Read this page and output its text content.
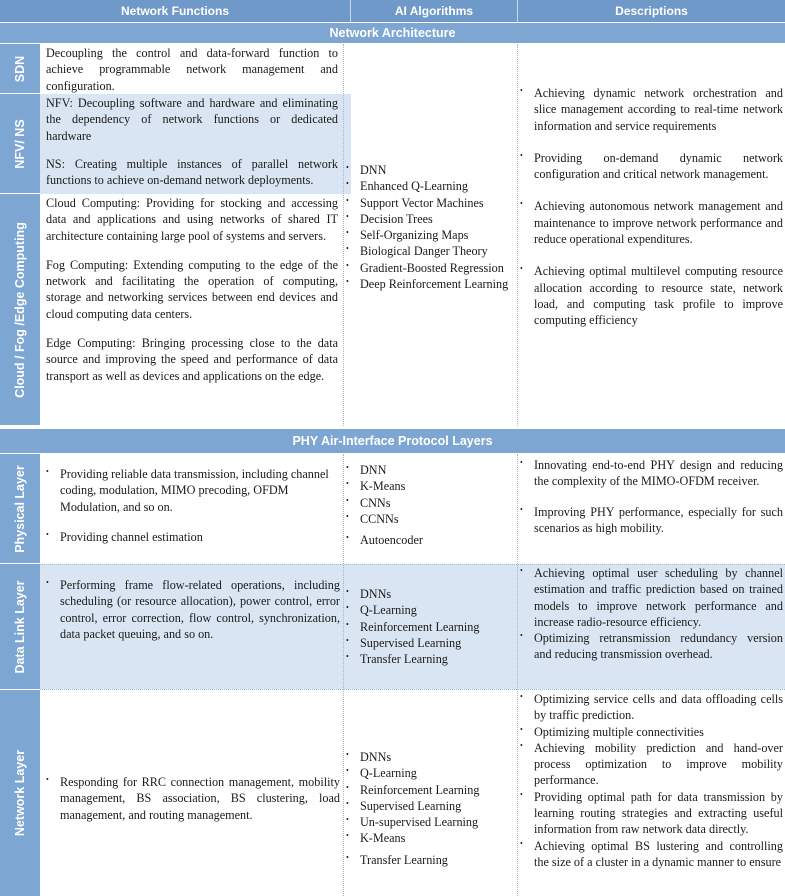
Network Functions	AI Algorithms	Descriptions
Network Architecture
SDN
NFV/ NS
Cloud / Fog /Edge Computing

Decoupling the control and data-forward function to achieve programmable network management and configuration.

NFV: Decoupling software and hardware and eliminating the dependency of network functions or dedicated hardware

NS: Creating multiple instances of parallel network functions to achieve on-demand network deployments.

Cloud Computing: Providing for stocking and accessing data and applications and using networks of shared IT architecture containing large pool of systems and servers.

Fog Computing: Extending computing to the edge of the network and facilitating the operation of computing, storage and networking services between end devices and cloud computing data centers.

Edge Computing: Bringing processing close to the data source and improving the speed and performance of data transport as well as devices and applications on the edge.

• DNN
• Enhanced Q-Learning
• Support Vector Machines
• Decision Trees
• Self-Organizing Maps
• Biological Danger Theory
• Gradient-Boosted Regression
• Deep Reinforcement Learning
• Achieving dynamic network orchestration and slice management according to real-time network information and service requirements
• Providing on-demand dynamic network configuration and critical network management.
• Achieving autonomous network management and maintenance to improve network performance and reduce operational expenditures.
• Achieving optimal multilevel computing resource allocation according to resource state, network load, and computing task profile to improve computing efficiency
PHY Air-Interface Protocol Layers
Physical Layer
Data Link Layer
Network Layer
• Providing reliable data transmission, including channel coding, modulation, MIMO precoding, OFDM Modulation, and so on.
• Providing channel estimation
• DNN
• K-Means
• CNNs
• CCNNs
• Autoencoder
• Innovating end-to-end PHY design and reducing the complexity of the MIMO-OFDM receiver.
• Improving PHY performance, especially for such scenarios as high mobility.
• Performing frame flow-related operations, including scheduling (or resource allocation), power control, error control, error correction, flow control, synchronization, data packet queuing, and so on.
• DNNs
• Q-Learning
• Reinforcement Learning
• Supervised Learning
• Transfer Learning
• Achieving optimal user scheduling by channel estimation and traffic prediction based on trained models to improve network performance and increase radio-resource efficiency.
• Optimizing retransmission redundancy version and reducing transmission overhead.
• Responding for RRC connection management, mobility management, BS association, BS clustering, load management, and routing management.
• DNNs
• Q-Learning
• Reinforcement Learning
• Supervised Learning
• Un-supervised Learning
• K-Means
• Transfer Learning
• Optimizing service cells and data offloading cells by traffic prediction.
• Optimizing multiple connectivities
• Achieving mobility prediction and hand-over process optimization to improve mobility performance.
• Providing optimal path for data transmission by learning routing strategies and extracting useful information from raw network data directly.
• Achieving optimal BS lustering and controlling the size of a cluster in a dynamic manner to ensure
